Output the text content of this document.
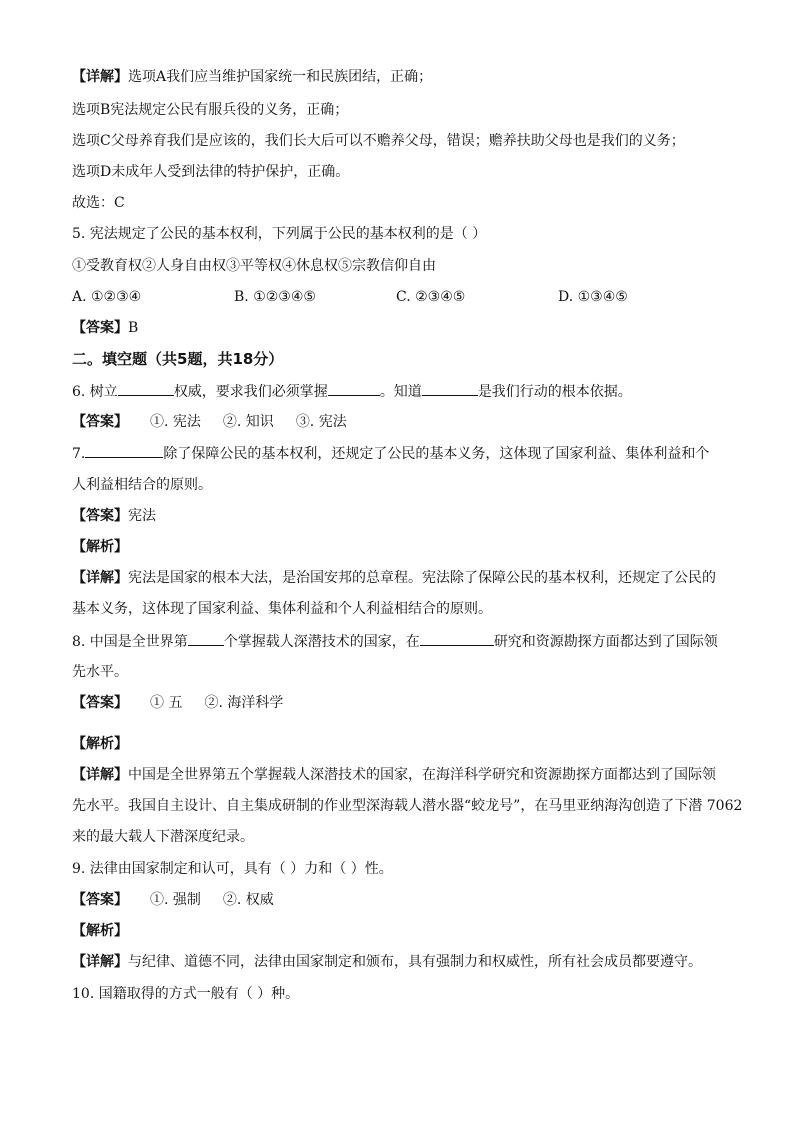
【详解】选项A我们应当维护国家统一和民族团结，正确；
选项B宪法规定公民有服兵役的义务，正确；
选项C父母养育我们是应该的，我们长大后可以不赡养父母，错误；赡养扶助父母也是我们的义务；
选项D未成年人受到法律的特护保护，正确。
故选：C
5. 宪法规定了公民的基本权利，下列属于公民的基本权利的是（ ）
①受教育权②人身自由权③平等权④休息权⑤宗教信仰自由
A. ①②③④	B. ①②③④⑤	C. ②③④⑤	D. ①③④⑤
【答案】B
二。填空题（共5题，共18分）
6. 树立	权威，要求我们必须掌握	。知道	是我们行动的根本依据。
【答案】 ①. 宪法 ②. 知识 ③. 宪法
7.	除了保障公民的基本权利，还规定了公民的基本义务，这体现了国家利益、集体利益和个
人利益相结合的原则。
【答案】宪法
【解析】
【详解】宪法是国家的根本大法，是治国安邦的总章程。宪法除了保障公民的基本权利，还规定了公民的
基本义务，这体现了国家利益、集体利益和个人利益相结合的原则。
8. 中国是全世界第	个掌握载人深潜技术的国家，在	研究和资源勘探方面都达到了国际领
先水平。
【答案】 ① 五 ②. 海洋科学
【解析】
【详解】中国是全世界第五个掌握载人深潜技术的国家，在海洋科学研究和资源勘探方面都达到了国际领
先水平。我国自主设计、自主集成研制的作业型深海载人潜水器“蛟龙号”，在马里亚纳海沟创造了下潜 7062
来的最大载人下潜深度纪录。
9. 法律由国家制定和认可，具有（ ）力和（ ）性。
【答案】 ①. 强制 ②. 权威
【解析】
【详解】与纪律、道德不同，法律由国家制定和颁布，具有强制力和权威性，所有社会成员都要遵守。
10. 国籍取得的方式一般有（ ）种。
